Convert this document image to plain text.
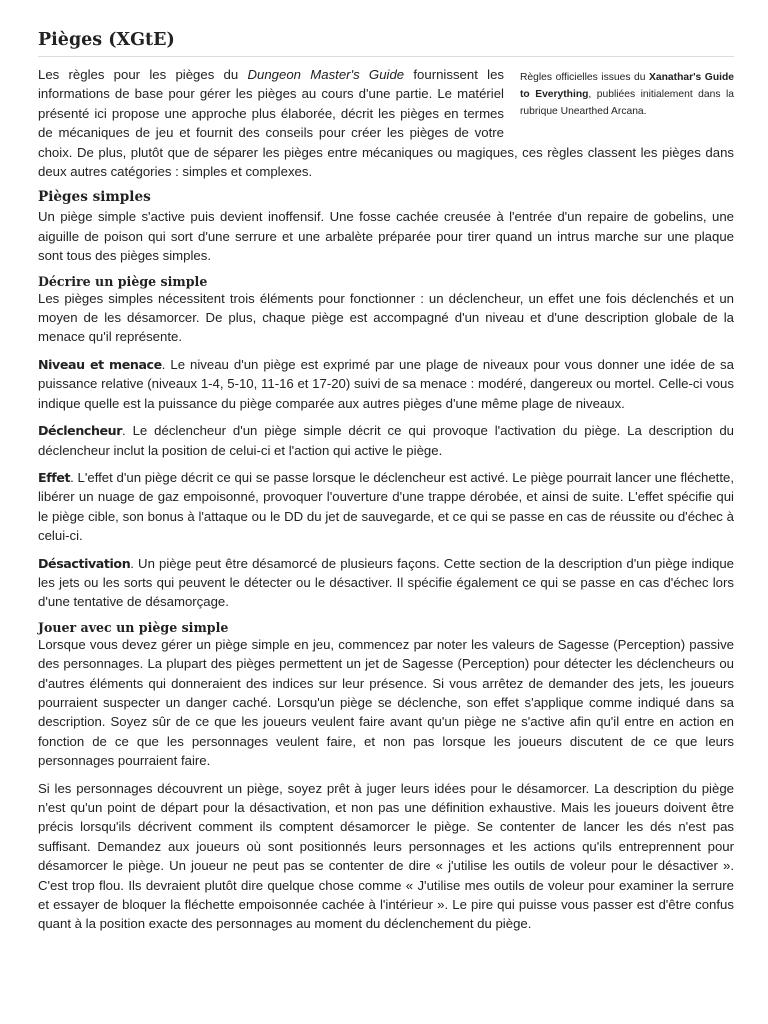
Pièges (XGtE)
Règles officielles issues du Xanathar's Guide to Everything, publiées initialement dans la rubrique Unearthed Arcana.

Les règles pour les pièges du Dungeon Master's Guide fournissent les informations de base pour gérer les pièges au cours d'une partie. Le matériel présenté ici propose une approche plus élaborée, décrit les pièges en termes de mécaniques de jeu et fournit des conseils pour créer les pièges de votre choix. De plus, plutôt que de séparer les pièges entre mécaniques ou magiques, ces règles classent les pièges dans deux autres catégories : simples et complexes.

Pièges simples

Un piège simple s'active puis devient inoffensif. Une fosse cachée creusée à l'entrée d'un repaire de gobelins, une aiguille de poison qui sort d'une serrure et une arbalète préparée pour tirer quand un intrus marche sur une plaque sont tous des pièges simples.

Décrire un piège simple

Les pièges simples nécessitent trois éléments pour fonctionner : un déclencheur, un effet une fois déclenchés et un moyen de les désamorcer. De plus, chaque piège est accompagné d'un niveau et d'une description globale de la menace qu'il représente.

Niveau et menace. Le niveau d'un piège est exprimé par une plage de niveaux pour vous donner une idée de sa puissance relative (niveaux 1-4, 5-10, 11-16 et 17-20) suivi de sa menace : modéré, dangereux ou mortel. Celle-ci vous indique quelle est la puissance du piège comparée aux autres pièges d'une même plage de niveaux.

Déclencheur. Le déclencheur d'un piège simple décrit ce qui provoque l'activation du piège. La description du déclencheur inclut la position de celui-ci et l'action qui active le piège.

Effet. L'effet d'un piège décrit ce qui se passe lorsque le déclencheur est activé. Le piège pourrait lancer une fléchette, libérer un nuage de gaz empoisonné, provoquer l'ouverture d'une trappe dérobée, et ainsi de suite. L'effet spécifie qui le piège cible, son bonus à l'attaque ou le DD du jet de sauvegarde, et ce qui se passe en cas de réussite ou d'échec à celui-ci.

Désactivation. Un piège peut être désamorcé de plusieurs façons. Cette section de la description d'un piège indique les jets ou les sorts qui peuvent le détecter ou le désactiver. Il spécifie également ce qui se passe en cas d'échec lors d'une tentative de désamorçage.

Jouer avec un piège simple

Lorsque vous devez gérer un piège simple en jeu, commencez par noter les valeurs de Sagesse (Perception) passive des personnages. La plupart des pièges permettent un jet de Sagesse (Perception) pour détecter les déclencheurs ou d'autres éléments qui donneraient des indices sur leur présence. Si vous arrêtez de demander des jets, les joueurs pourraient suspecter un danger caché. Lorsqu'un piège se déclenche, son effet s'applique comme indiqué dans sa description. Soyez sûr de ce que les joueurs veulent faire avant qu'un piège ne s'active afin qu'il entre en action en fonction de ce que les personnages veulent faire, et non pas lorsque les joueurs discutent de ce que leurs personnages pourraient faire.

Si les personnages découvrent un piège, soyez prêt à juger leurs idées pour le désamorcer. La description du piège n'est qu'un point de départ pour la désactivation, et non pas une définition exhaustive. Mais les joueurs doivent être précis lorsqu'ils décrivent comment ils comptent désamorcer le piège. Se contenter de lancer les dés n'est pas suffisant. Demandez aux joueurs où sont positionnés leurs personnages et les actions qu'ils entreprennent pour désamorcer le piège. Un joueur ne peut pas se contenter de dire « j'utilise les outils de voleur pour le désactiver ». C'est trop flou. Ils devraient plutôt dire quelque chose comme « J'utilise mes outils de voleur pour examiner la serrure et essayer de bloquer la fléchette empoisonnée cachée à l'intérieur ». Le pire qui puisse vous passer est d'être confus quant à la position exacte des personnages au moment du déclenchement du piège.
